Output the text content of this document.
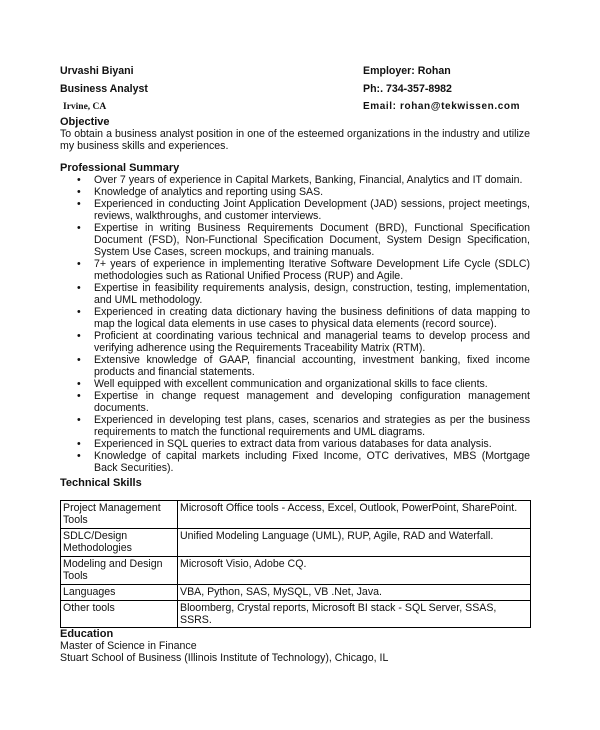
Urvashi Biyani
Business Analyst
Irvine, CA
Employer: Rohan
Ph:. 734-357-8982
Email: rohan@tekwissen.com
Objective
To obtain a business analyst position in one of the esteemed organizations in the industry and utilize my business skills and experiences.
Professional Summary
• Over 7 years of experience in Capital Markets, Banking, Financial, Analytics and IT domain.
• Knowledge of analytics and reporting using SAS.
• Experienced in conducting Joint Application Development (JAD) sessions, project meetings, reviews, walkthroughs, and customer interviews.
• Expertise in writing Business Requirements Document (BRD), Functional Specification Document (FSD), Non-Functional Specification Document, System Design Specification, System Use Cases, screen mockups, and training manuals.
• 7+ years of experience in implementing Iterative Software Development Life Cycle (SDLC) methodologies such as Rational Unified Process (RUP) and Agile.
• Expertise in feasibility requirements analysis, design, construction, testing, implementation, and UML methodology.
• Experienced in creating data dictionary having the business definitions of data mapping to map the logical data elements in use cases to physical data elements (record source).
• Proficient at coordinating various technical and managerial teams to develop process and verifying adherence using the Requirements Traceability Matrix (RTM).
• Extensive knowledge of GAAP, financial accounting, investment banking, fixed income products and financial statements.
• Well equipped with excellent communication and organizational skills to face clients.
• Expertise in change request management and developing configuration management documents.
• Experienced in developing test plans, cases, scenarios and strategies as per the business requirements to match the functional requirements and UML diagrams.
• Experienced in SQL queries to extract data from various databases for data analysis.
• Knowledge of capital markets including Fixed Income, OTC derivatives, MBS (Mortgage Back Securities).
Technical Skills
Project Management Tools	Microsoft Office tools - Access, Excel, Outlook, PowerPoint, SharePoint.
SDLC/Design Methodologies	Unified Modeling Language (UML), RUP, Agile, RAD and Waterfall.
Modeling and Design Tools	Microsoft Visio, Adobe CQ.
Languages	VBA, Python, SAS, MySQL, VB .Net, Java.
Other tools	Bloomberg, Crystal reports, Microsoft BI stack - SQL Server, SSAS, SSRS.
Education
Master of Science in Finance
Stuart School of Business (Illinois Institute of Technology), Chicago, IL
